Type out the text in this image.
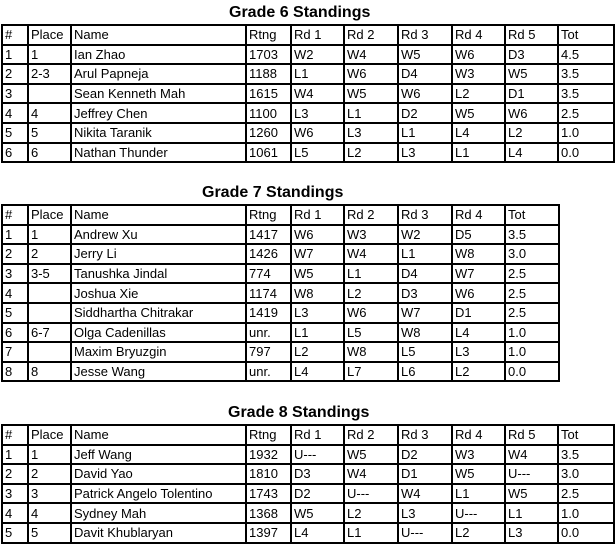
Grade 6 Standings
#	Place	Name	Rtng	Rd 1	Rd 2	Rd 3	Rd 4	Rd 5	Tot
1	1	Ian Zhao	1703	W2	W4	W5	W6	D3	4.5
2	2-3	Arul Papneja	1188	L1	W6	D4	W3	W5	3.5
3		Sean Kenneth Mah	1615	W4	W5	W6	L2	D1	3.5
4	4	Jeffrey Chen	1100	L3	L1	D2	W5	W6	2.5
5	5	Nikita Taranik	1260	W6	L3	L1	L4	L2	1.0
6	6	Nathan Thunder	1061	L5	L2	L3	L1	L4	0.0
Grade 7 Standings
#	Place	Name	Rtng	Rd 1	Rd 2	Rd 3	Rd 4	Tot
1	1	Andrew Xu	1417	W6	W3	W2	D5	3.5
2	2	Jerry Li	1426	W7	W4	L1	W8	3.0
3	3-5	Tanushka Jindal	774	W5	L1	D4	W7	2.5
4		Joshua Xie	1174	W8	L2	D3	W6	2.5
5		Siddhartha Chitrakar	1419	L3	W6	W7	D1	2.5
6	6-7	Olga Cadenillas	unr.	L1	L5	W8	L4	1.0
7		Maxim Bryuzgin	797	L2	W8	L5	L3	1.0
8	8	Jesse Wang	unr.	L4	L7	L6	L2	0.0
Grade 8 Standings
#	Place	Name	Rtng	Rd 1	Rd 2	Rd 3	Rd 4	Rd 5	Tot
1	1	Jeff Wang	1932	U---	W5	D2	W3	W4	3.5
2	2	David Yao	1810	D3	W4	D1	W5	U---	3.0
3	3	Patrick Angelo Tolentino	1743	D2	U---	W4	L1	W5	2.5
4	4	Sydney Mah	1368	W5	L2	L3	U---	L1	1.0
5	5	Davit Khublaryan	1397	L4	L1	U---	L2	L3	0.0
